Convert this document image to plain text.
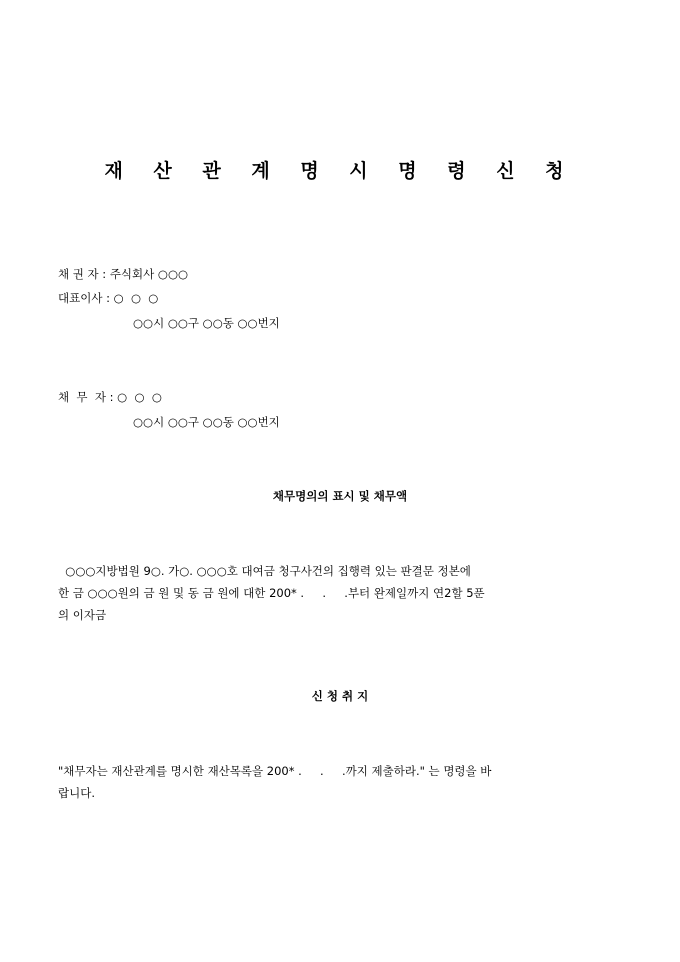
재 산 관 계 명 시 명 령 신 청
채 권 자 : 주식회사 ○○○
대표이사 : ○  ○  ○
○○시 ○○구 ○○동 ○○번지
채  무  자 : ○  ○  ○
○○시 ○○구 ○○동 ○○번지
채무명의의 표시 및 채무액

○○○지방법원 9○. 가○. ○○○호 대여금 청구사건의 집행력 있는 판결문 정본에

한 금 ○○○원의 금 원 및 동 금 원에 대한 200* .     .     .부터 완제일까지 연2할 5푼

의 이자금

신 청 취 지

"채무자는 재산관계를 명시한 재산목록을 200* .     .     .까지 제출하라." 는 명령을 바

랍니다.
